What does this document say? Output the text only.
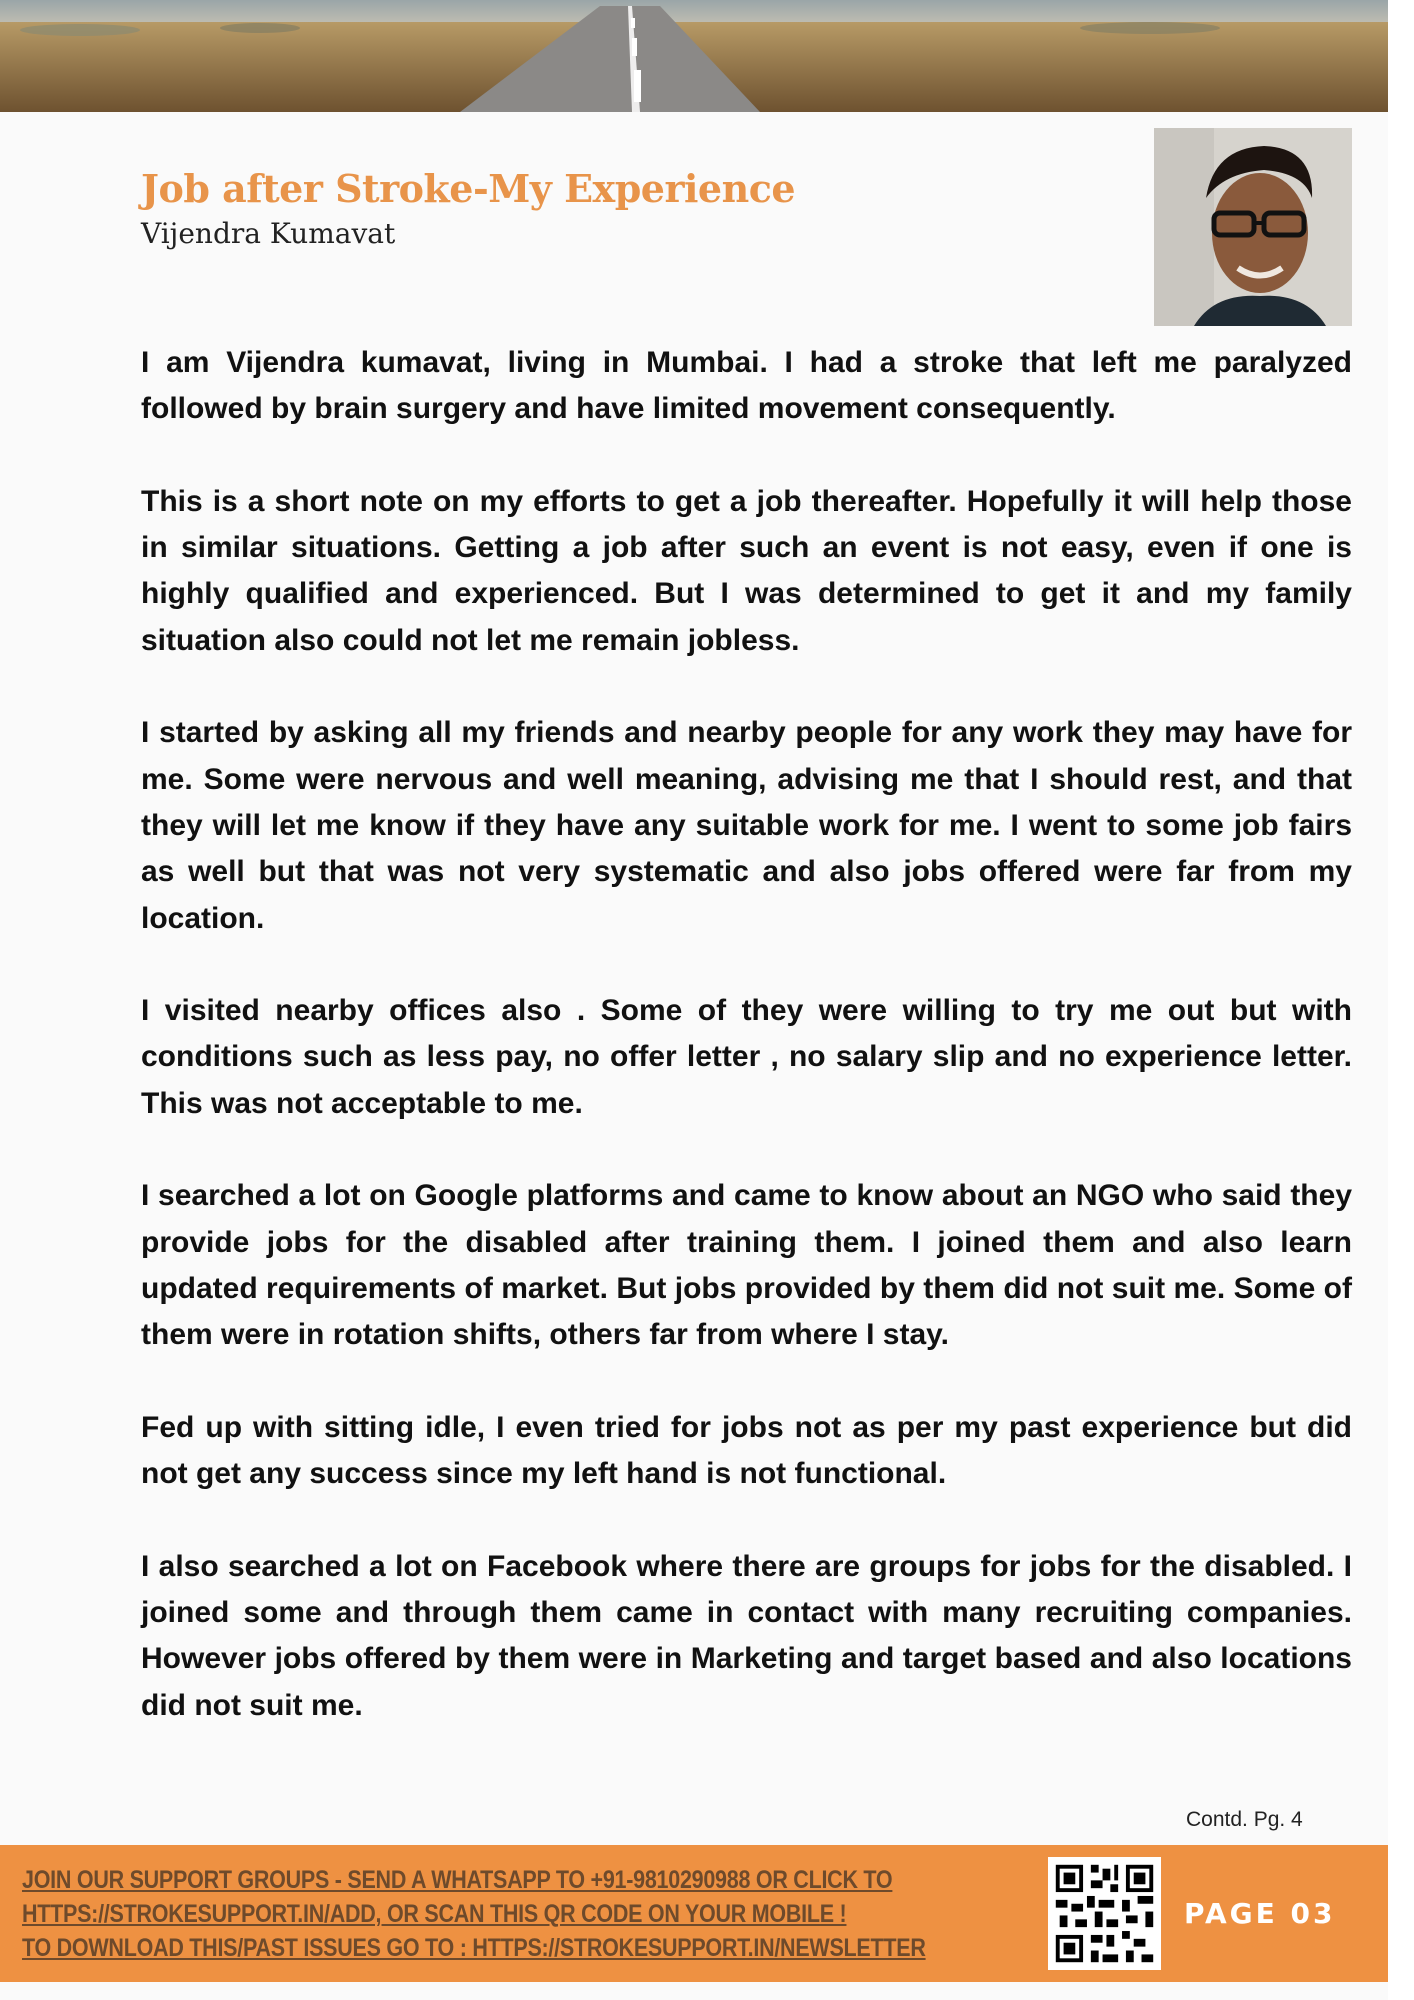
Job after Stroke-My Experience
Vijendra Kumavat

I am Vijendra kumavat, living in Mumbai. I had a stroke that left me paralyzed followed by brain surgery and have limited movement consequently.

This is a short note on my efforts to get a job thereafter. Hopefully it will help those in similar situations. Getting a job after such an event is not easy, even if one is highly qualified and experienced. But I was determined to get it and my family situation also could not let me remain jobless.

I started by asking all my friends and nearby people for any work they may have for me. Some were nervous and well meaning, advising me that I should rest, and that they will let me know if they have any suitable work for me. I went to some job fairs as well but that was not very systematic and also jobs offered were far from my location.

I visited nearby offices also . Some of they were willing to try me out but with conditions such as less pay, no offer letter , no salary slip and no experience letter. This was not acceptable to me.

I searched a lot on Google platforms and came to know about an NGO who said they provide jobs for the disabled after training them. I joined them and also learn updated requirements of market. But jobs provided by them did not suit me. Some of them were in rotation shifts, others far from where I stay.

Fed up with sitting idle, I even tried for jobs not as per my past experience but did not get any success since my left hand is not functional.

I also searched a lot on Facebook where there are groups for jobs for the disabled. I joined some and through them came in contact with many recruiting companies. However jobs offered by them were in Marketing and target based and also locations did not suit me.

Contd. Pg. 4
JOIN OUR SUPPORT GROUPS - SEND A WHATSAPP TO +91-9810290988 OR CLICK TO
HTTPS://STROKESUPPORT.IN/ADD, OR SCAN THIS QR CODE ON YOUR MOBILE !
TO DOWNLOAD THIS/PAST ISSUES GO TO : HTTPS://STROKESUPPORT.IN/NEWSLETTER
PAGE 03
